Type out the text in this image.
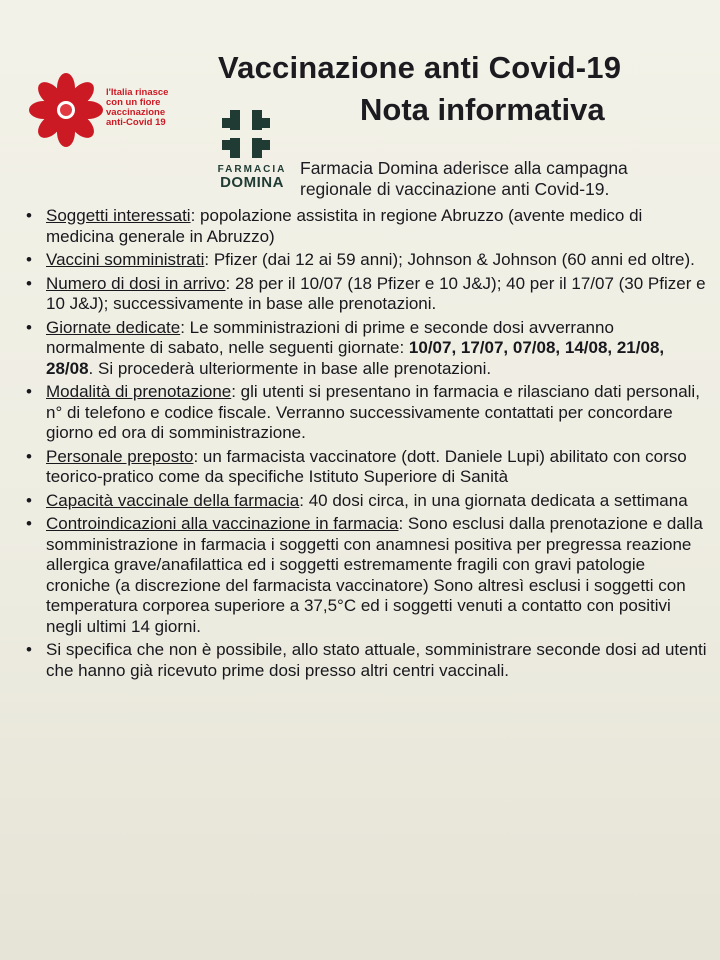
l'Italia rinasce
con un fiore
vaccinazione
anti-Covid 19
Vaccinazione anti Covid-19
Nota informativa
FARMACIA
DOMINA
Farmacia Domina aderisce alla campagna regionale di vaccinazione anti Covid-19.
• Soggetti interessati: popolazione assistita in regione Abruzzo (avente medico di medicina generale in Abruzzo)
• Vaccini somministrati: Pfizer (dai 12 ai 59 anni); Johnson & Johnson (60 anni ed oltre).
• Numero di dosi in arrivo: 28 per il 10/07 (18 Pfizer e 10 J&J); 40 per il 17/07 (30 Pfizer e 10 J&J); successivamente in base alle prenotazioni.
• Giornate dedicate: Le somministrazioni di prime e seconde dosi avverranno normalmente di sabato, nelle seguenti giornate: 10/07, 17/07, 07/08, 14/08, 21/08, 28/08. Si procederà ulteriormente in base alle prenotazioni.
• Modalità di prenotazione: gli utenti si presentano in farmacia e rilasciano dati personali, n° di telefono e codice fiscale. Verranno successivamente contattati per concordare giorno ed ora di somministrazione.
• Personale preposto: un farmacista vaccinatore (dott. Daniele Lupi) abilitato con corso teorico-pratico come da specifiche Istituto Superiore di Sanità
• Capacità vaccinale della farmacia: 40 dosi circa, in una giornata dedicata a settimana
• Controindicazioni alla vaccinazione in farmacia: Sono esclusi dalla prenotazione e dalla somministrazione in farmacia i soggetti con anamnesi positiva per pregressa reazione allergica grave/anafilattica ed i soggetti estremamente fragili con gravi patologie croniche (a discrezione del farmacista vaccinatore) Sono altresì esclusi i soggetti con temperatura corporea superiore a 37,5°C ed i soggetti venuti a contatto con positivi negli ultimi 14 giorni.
• Si specifica che non è possibile, allo stato attuale, somministrare seconde dosi ad utenti che hanno già ricevuto prime dosi presso altri centri vaccinali.
